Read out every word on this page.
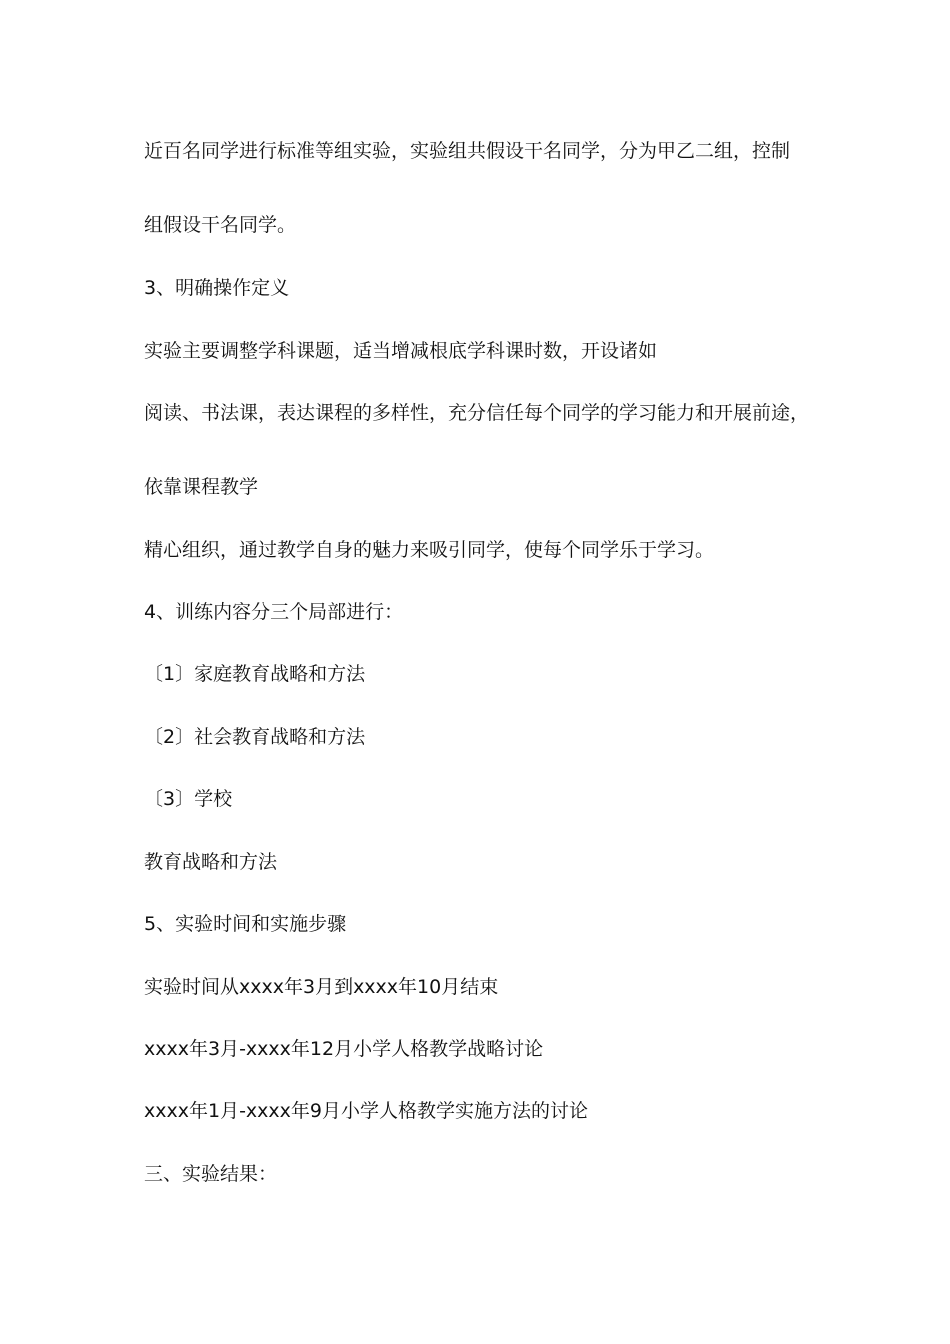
近百名同学进行标准等组实验，实验组共假设干名同学，分为甲乙二组，控制
组假设干名同学。
3、明确操作定义
实验主要调整学科课题，适当增减根底学科课时数，开设诸如
阅读、书法课，表达课程的多样性，充分信任每个同学的学习能力和开展前途，
依靠课程教学
精心组织，通过教学自身的魅力来吸引同学，使每个同学乐于学习。
4、训练内容分三个局部进行：
〔1〕家庭教育战略和方法
〔2〕社会教育战略和方法
〔3〕学校
教育战略和方法
5、实验时间和实施步骤
实验时间从xxxx年3月到xxxx年10月结束
xxxx年3月-xxxx年12月小学人格教学战略讨论
xxxx年1月-xxxx年9月小学人格教学实施方法的讨论
三、实验结果：
